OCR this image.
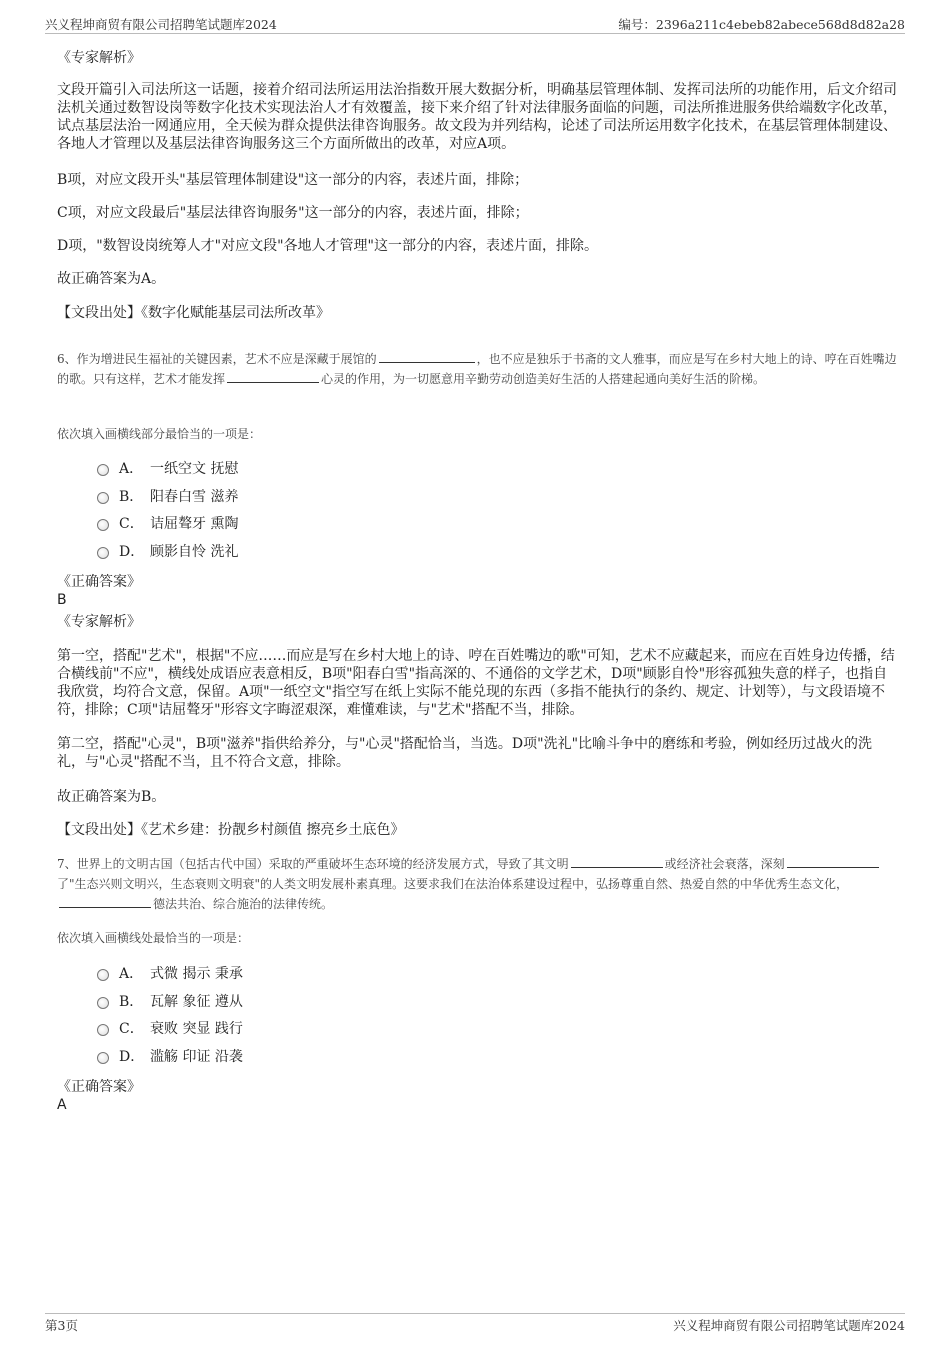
兴义程坤商贸有限公司招聘笔试题库2024	编号：2396a211c4ebeb82abece568d8d82a28

《专家解析》

文段开篇引入司法所这一话题，接着介绍司法所运用法治指数开展大数据分析，明确基层管理体制、发挥司法所的功能作用，后文介绍司法机关通过数智设岗等数字化技术实现法治人才有效覆盖，接下来介绍了针对法律服务面临的问题，司法所推进服务供给端数字化改革，试点基层法治一网通应用，全天候为群众提供法律咨询服务。故文段为并列结构，论述了司法所运用数字化技术，在基层管理体制建设、各地人才管理以及基层法律咨询服务这三个方面所做出的改革，对应A项。

B项，对应文段开头"基层管理体制建设"这一部分的内容，表述片面，排除；

C项，对应文段最后"基层法律咨询服务"这一部分的内容，表述片面，排除；

D项，"数智设岗统筹人才"对应文段"各地人才管理"这一部分的内容，表述片面，排除。

故正确答案为A。

【文段出处】《数字化赋能基层司法所改革》

6、作为增进民生福祉的关键因素，艺术不应是深藏于展馆的	，也不应是独乐于书斋的文人雅事，而应是写在乡村大地上的诗、哼在百姓嘴边的歌。只有这样，艺术才能发挥	心灵的作用，为一切愿意用辛勤劳动创造美好生活的人搭建起通向美好生活的阶梯。

依次填入画横线部分最恰当的一项是：

A． 一纸空文 抚慰
B． 阳春白雪 滋养
C． 诘屈聱牙 熏陶
D． 顾影自怜 洗礼

《正确答案》

B

《专家解析》

第一空，搭配"艺术"，根据"不应……而应是写在乡村大地上的诗、哼在百姓嘴边的歌"可知，艺术不应藏起来，而应在百姓身边传播，结合横线前"不应"，横线处成语应表意相反，B项"阳春白雪"指高深的、不通俗的文学艺术，D项"顾影自怜"形容孤独失意的样子，也指自我欣赏，均符合文意，保留。A项"一纸空文"指空写在纸上实际不能兑现的东西（多指不能执行的条约、规定、计划等），与文段语境不符，排除；C项"诘屈聱牙"形容文字晦涩艰深，难懂难读，与"艺术"搭配不当，排除。

第二空，搭配"心灵"，B项"滋养"指供给养分，与"心灵"搭配恰当，当选。D项"洗礼"比喻斗争中的磨练和考验，例如经历过战火的洗礼，与"心灵"搭配不当，且不符合文意，排除。

故正确答案为B。

【文段出处】《艺术乡建：扮靓乡村颜值 擦亮乡土底色》

7、世界上的文明古国（包括古代中国）采取的严重破坏生态环境的经济发展方式，导致了其文明	或经济社会衰落，深刻了"生态兴则文明兴，生态衰则文明衰"的人类文明发展朴素真理。这要求我们在法治体系建设过程中，弘扬尊重自然、热爱自然的中华优秀生态文化，德法共治、综合施治的法律传统。

依次填入画横线处最恰当的一项是：

A． 式微 揭示 秉承
B． 瓦解 象征 遵从
C． 衰败 突显 践行
D． 滥觞 印证 沿袭

《正确答案》

A

第3页	兴义程坤商贸有限公司招聘笔试题库2024
